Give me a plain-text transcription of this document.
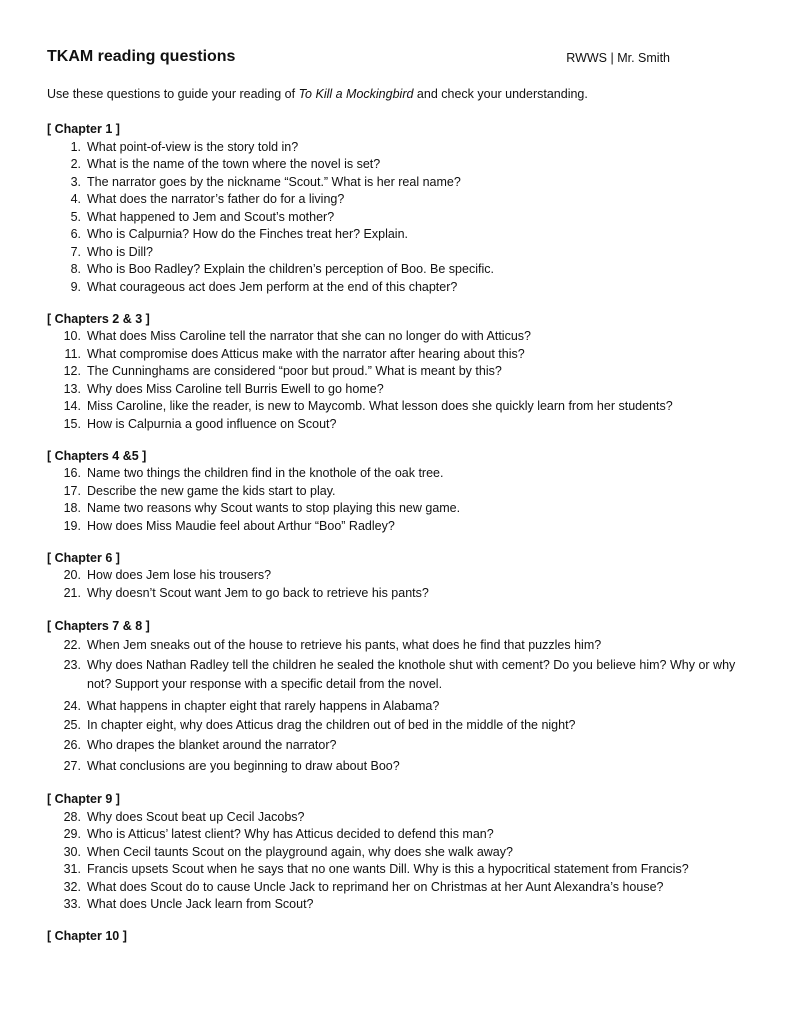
TKAM reading questions	RWWS | Mr. Smith
Use these questions to guide your reading of To Kill a Mockingbird and check your understanding.
[ Chapter 1 ]
1. What point-of-view is the story told in?
2. What is the name of the town where the novel is set?
3. The narrator goes by the nickname “Scout.” What is her real name?
4. What does the narrator’s father do for a living?
5. What happened to Jem and Scout’s mother?
6. Who is Calpurnia? How do the Finches treat her? Explain.
7. Who is Dill?
8. Who is Boo Radley? Explain the children’s perception of Boo. Be specific.
9. What courageous act does Jem perform at the end of this chapter?
[ Chapters 2 & 3 ]
10. What does Miss Caroline tell the narrator that she can no longer do with Atticus?
11. What compromise does Atticus make with the narrator after hearing about this?
12. The Cunninghams are considered “poor but proud.” What is meant by this?
13. Why does Miss Caroline tell Burris Ewell to go home?
14. Miss Caroline, like the reader, is new to Maycomb. What lesson does she quickly learn from her students?
15. How is Calpurnia a good influence on Scout?
[ Chapters 4 &5 ]
16. Name two things the children find in the knothole of the oak tree.
17. Describe the new game the kids start to play.
18. Name two reasons why Scout wants to stop playing this new game.
19. How does Miss Maudie feel about Arthur “Boo” Radley?
[ Chapter 6 ]
20. How does Jem lose his trousers?
21. Why doesn’t Scout want Jem to go back to retrieve his pants?
[ Chapters 7 & 8 ]
22. When Jem sneaks out of the house to retrieve his pants, what does he find that puzzles him?
23. Why does Nathan Radley tell the children he sealed the knothole shut with cement? Do you believe him? Why or why not? Support your response with a specific detail from the novel.
24. What happens in chapter eight that rarely happens in Alabama?
25. In chapter eight, why does Atticus drag the children out of bed in the middle of the night?
26. Who drapes the blanket around the narrator?
27. What conclusions are you beginning to draw about Boo?
[ Chapter 9 ]
28. Why does Scout beat up Cecil Jacobs?
29. Who is Atticus’ latest client? Why has Atticus decided to defend this man?
30. When Cecil taunts Scout on the playground again, why does she walk away?
31. Francis upsets Scout when he says that no one wants Dill. Why is this a hypocritical statement from Francis?
32. What does Scout do to cause Uncle Jack to reprimand her on Christmas at her Aunt Alexandra’s house?
33. What does Uncle Jack learn from Scout?
[ Chapter 10 ]
